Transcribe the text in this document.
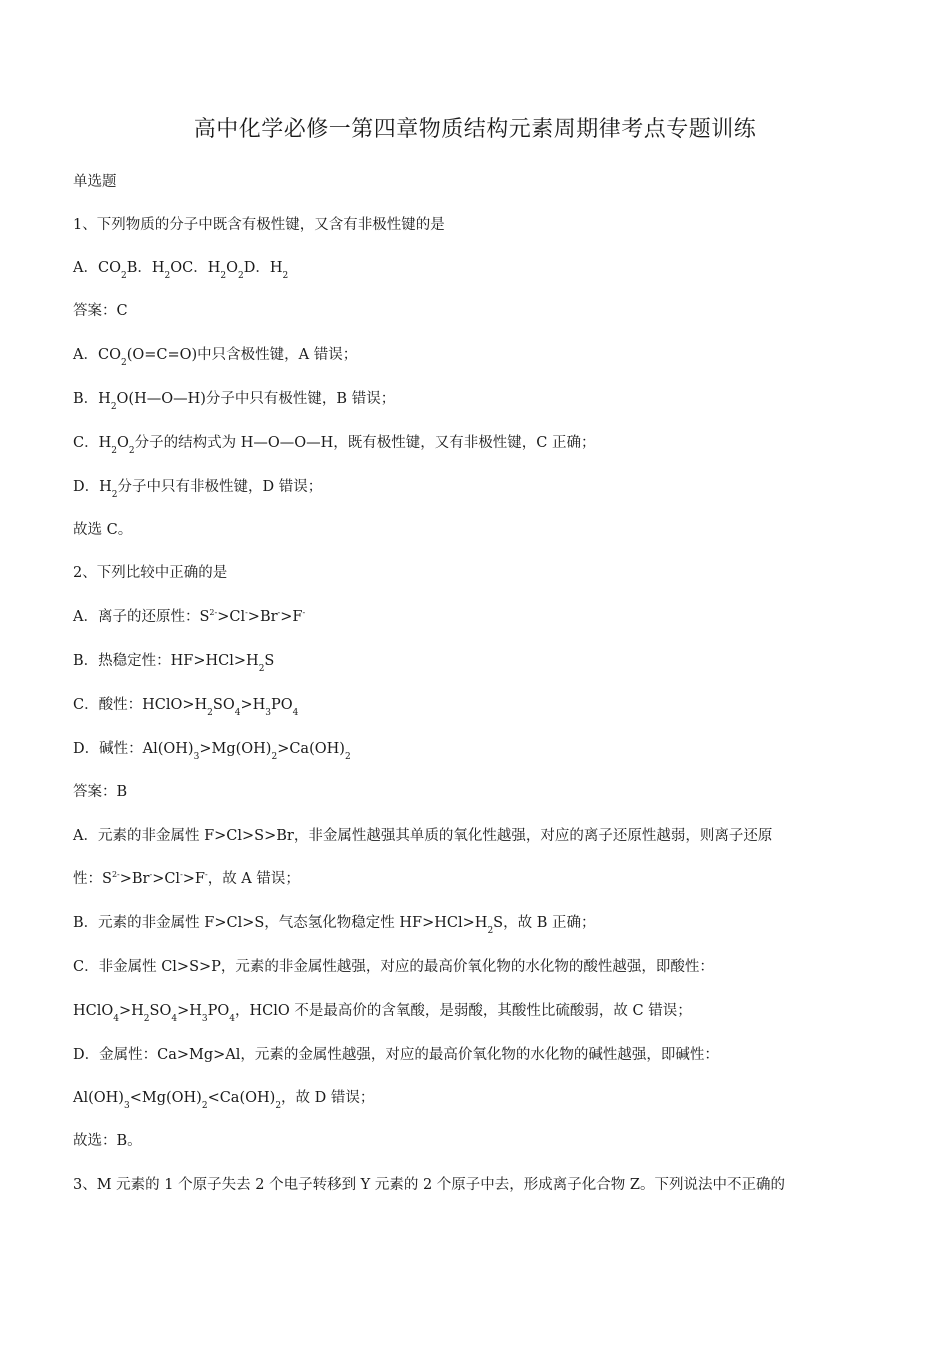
高中化学必修一第四章物质结构元素周期律考点专题训练
单选题
1、下列物质的分子中既含有极性键，又含有非极性键的是
A．$CO_2B$．$H_2OC$．$H_2O_2D$．$H_2$
答案：C
A．$CO_2(O=C=O)$中只含极性键，A 错误；
B．$H_2O(H—O—H)$分子中只有极性键，B 错误；
C．$H_2O_2$分子的结构式为 H—O—O—H，既有极性键，又有非极性键，C 正确；
D．$H_2$分子中只有非极性键，D 错误；
故选 C。
2、下列比较中正确的是
A．离子的还原性：$S^{2-}>Cl^->Br^->F^-$
B．热稳定性：$HF>HCl>H_2S$
C．酸性：$HClO>H_2SO_4>H_3PO_4$
D．碱性：$Al(OH)_3>Mg(OH)_2>Ca(OH)_2$
答案：B
A．元素的非金属性 F>Cl>S>Br，非金属性越强其单质的氧化性越强，对应的离子还原性越弱，则离子还原
性：$S^{2-}>Br^->Cl^->F^-$，故 A 错误；
B．元素的非金属性 F>Cl>S，气态氢化物稳定性 $HF>HCl>H_2S$，故 B 正确；
C．非金属性 Cl>S>P，元素的非金属性越强，对应的最高价氧化物的水化物的酸性越强，即酸性：
$HClO_4>H_2SO_4>H_3PO_4$，HClO 不是最高价的含氧酸，是弱酸，其酸性比硫酸弱，故 C 错误；
D．金属性：Ca>Mg>Al，元素的金属性越强，对应的最高价氧化物的水化物的碱性越强，即碱性：
$Al(OH)_3<Mg(OH)_2<Ca(OH)_2$，故 D 错误；
故选：B。
3、M 元素的 1 个原子失去 2 个电子转移到 Y 元素的 2 个原子中去，形成离子化合物 Z。下列说法中不正确的
